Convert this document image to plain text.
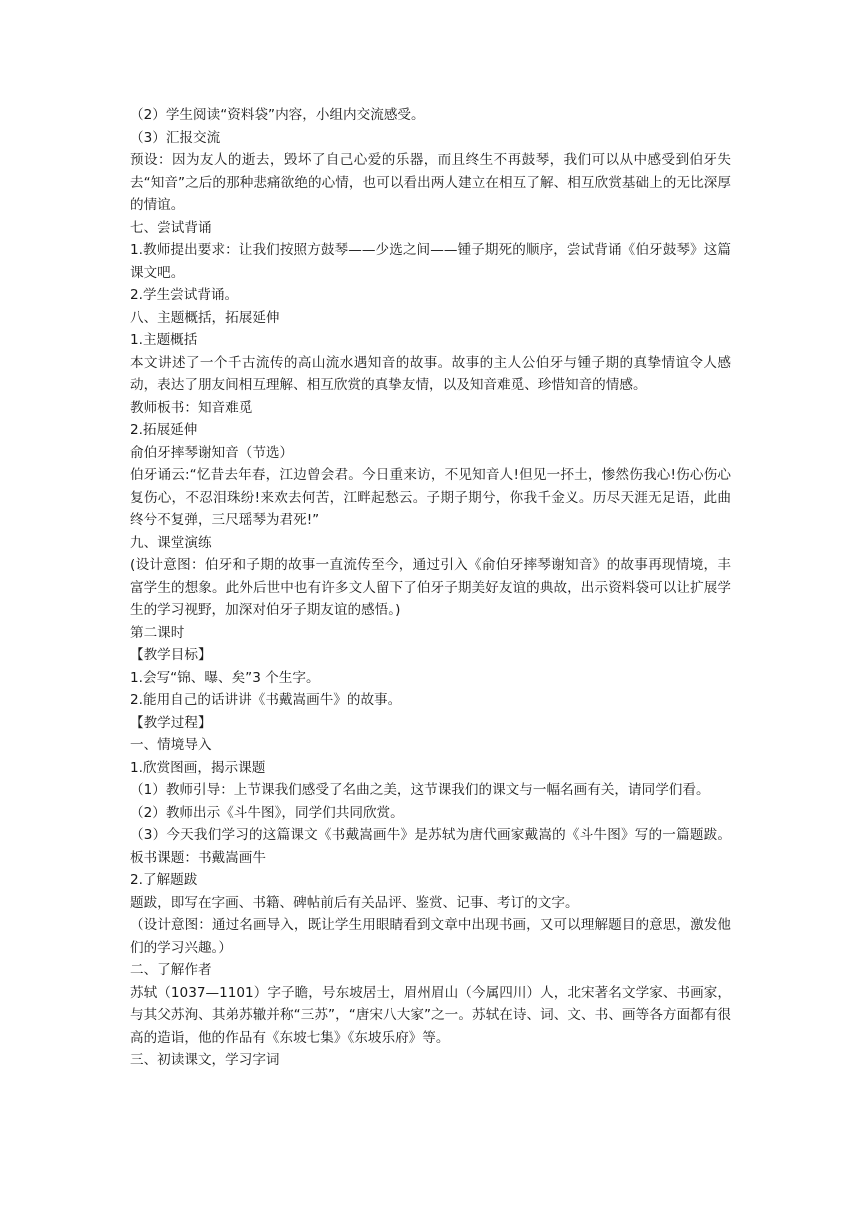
（2）学生阅读“资料袋”内容，小组内交流感受。

（3）汇报交流

预设：因为友人的逝去，毁坏了自己心爱的乐器，而且终生不再鼓琴，我们可以从中感受到伯牙失去“知音”之后的那种悲痛欲绝的心情，也可以看出两人建立在相互了解、相互欣赏基础上的无比深厚的情谊。

七、尝试背诵

1.教师提出要求：让我们按照方鼓琴——少选之间——锺子期死的顺序，尝试背诵《伯牙鼓琴》这篇课文吧。

2.学生尝试背诵。

八、主题概括，拓展延伸

1.主题概括

本文讲述了一个千古流传的高山流水遇知音的故事。故事的主人公伯牙与锺子期的真挚情谊令人感动，表达了朋友间相互理解、相互欣赏的真挚友情，以及知音难觅、珍惜知音的情感。

教师板书：知音难觅

2.拓展延伸

俞伯牙摔琴谢知音（节选）

伯牙诵云:“忆昔去年春，江边曾会君。今日重来访，不见知音人!但见一抔土，惨然伤我心!伤心伤心复伤心，不忍泪珠纷!来欢去何苦，江畔起愁云。子期子期兮，你我千金义。历尽天涯无足语，此曲终兮不复弹，三尺瑶琴为君死!”

九、课堂演练

(设计意图：伯牙和子期的故事一直流传至今，通过引入《俞伯牙摔琴谢知音》的故事再现情境，丰富学生的想象。此外后世中也有许多文人留下了伯牙子期美好友谊的典故，出示资料袋可以让扩展学生的学习视野，加深对伯牙子期友谊的感悟。)

第二课时

【教学目标】

1.会写“锦、曝、矣”3 个生字。

2.能用自己的话讲讲《书戴嵩画牛》的故事。

【教学过程】

一、情境导入

1.欣赏图画，揭示课题

（1）教师引导：上节课我们感受了名曲之美，这节课我们的课文与一幅名画有关，请同学们看。

（2）教师出示《斗牛图》，同学们共同欣赏。

（3）今天我们学习的这篇课文《书戴嵩画牛》是苏轼为唐代画家戴嵩的《斗牛图》写的一篇题跋。板书课题：书戴嵩画牛

2.了解题跋

题跋，即写在字画、书籍、碑帖前后有关品评、鉴赏、记事、考订的文字。

（设计意图：通过名画导入，既让学生用眼睛看到文章中出现书画，又可以理解题目的意思，激发他们的学习兴趣。）

二、了解作者

苏轼（1037—1101）字子瞻，号东坡居士，眉州眉山（今属四川）人，北宋著名文学家、书画家，与其父苏洵、其弟苏辙并称“三苏”，“唐宋八大家”之一。苏轼在诗、词、文、书、画等各方面都有很高的造诣，他的作品有《东坡七集》《东坡乐府》等。

三、初读课文，学习字词
